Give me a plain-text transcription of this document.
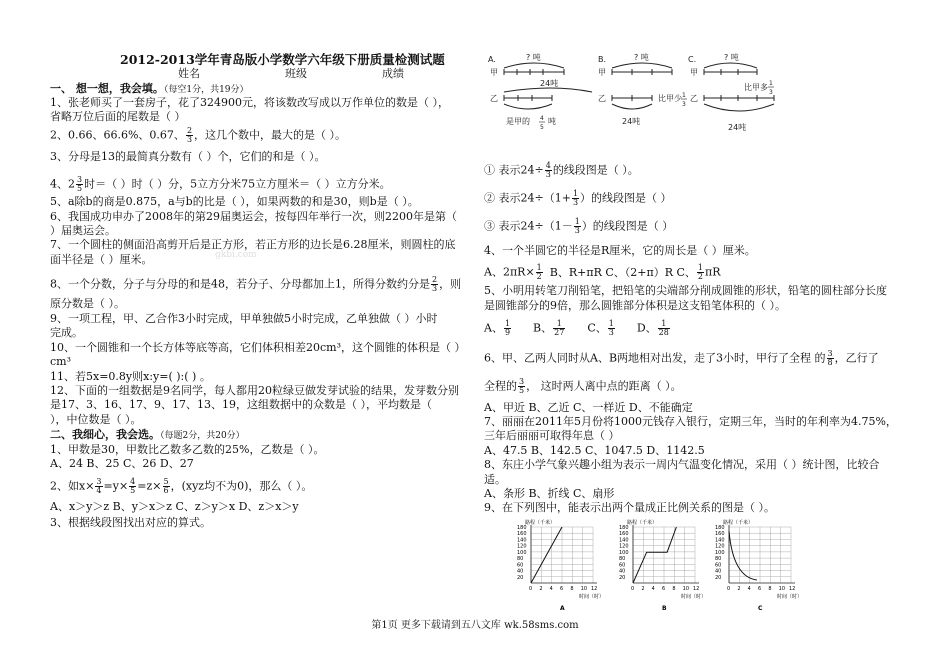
gkbi.com
2012-2013学年青岛版小学数学六年级下册质量检测试题
姓名	班级	成绩
一、 想一想，我会填。（每空1分，共19分）
1、张老师买了一套房子，花了324900元，将该数改写成以万作单位的数是（ ），
省略万位后面的尾数是（ ）
2、0.66、66.6%、0.67、 $\frac{2}{3}$ ，这几个数中，最大的是（ ）。
3、分母是13的最简真分数有（ ）个，它们的和是（ ）。
4、$2 \frac{3}{5}$ 时＝（ ）时（ ）分，5立方分米75立方厘米＝（ ）立方分米。
5、a除b的商是0.875，a与b的比是（ ），如果两数的和是30，则b是（ ）。
6、我国成功申办了2008年的第29届奥运会，按每四年举行一次，则2200年是第（
）届奥运会。
7、一个圆柱的侧面沿高剪开后是正方形，若正方形的边长是6.28厘米，则圆柱的底
面半径是（ ）厘米。
8、一个分数，分子与分母的和是48，若分子、分母都加上1，所得分数约分是 $\frac{2}{3}$ ，则
原分数是（ ）。
9、一项工程，甲、乙合作3小时完成，甲单独做5小时完成，乙单独做（ ）小时
完成。
10、一个圆锥和一个长方体等底等高，它们体积相差20cm³，这个圆锥的体积是（ ）
cm³
11、若5x=0.8y则x:y=( ):( ) 。
12、下面的一组数据是9名同学，每人都用20粒绿豆做发芽试验的结果，发芽数分别
是17、3、16、17、9、17、13、19，这组数据中的众数是（ ），平均数是（
），中位数是（ ）。
二、我细心，我会选。（每题2分，共20分）
1、甲数是30，甲数比乙数多乙数的25%，乙数是（ ）。
A、24 B、25 C、26 D、27
2、如$x\times \frac{3}{4} =y\times \frac{4}{5} =z\times \frac{5}{6}$ ，(xyz均不为0)，那么（ ）。
A、x＞y＞z B、y＞x＞z C、z＞y＞x D、z＞x＞y
3、根据线段图找出对应的算式。
A.	? 吨
甲
24吨
乙
是甲的 4
5
吨
B.	? 吨
甲
乙	比甲少 1
3
24吨
C.	? 吨
甲
乙
比甲多 1
3
24吨
① 表示$24\div \frac{4}{3}$ 的线段图是（ ）。
② 表示$24\div(1+ \frac{1}{3}$ ）的线段图是（ ）
③ 表示$24\div(1- \frac{1}{3}$ ）的线段图是（ ）
4、一个半圆它的半径是R厘米，它的周长是（ ）厘米。
A、$2\pi R\times \frac{1}{2}$ B、R+πR C、（2+π）R C、 $\frac{1}{2}$ πR
5、小明用转笔刀削铅笔，把铅笔的尖端部分削成圆锥的形状，铅笔的圆柱部分长度
是圆锥部分的9倍，那么圆锥部分体积是这支铅笔体积的（ ）。
A、 $\frac{1}{9}$ B、 $\frac{1}{27}$ C、 $\frac{1}{3}$ D、 $\frac{1}{28}$
6、甲、乙两人同时从A、B两地相对出发，走了3小时，甲行了全程 的 $\frac{3}{8}$ ，乙行了
全程的 $\frac{3}{5}$ ， 这时两人离中点的距离（ ）。
A、甲近 B、乙近 C、一样近 D、不能确定
7、丽丽在2011年5月份将1000元钱存入银行，定期三年，当时的年利率为4.75%，
三年后丽丽可取得年息（ ）
A、47.5 B、142.5 C、1047.5 D、1142.5
8、东庄小学气象兴趣小组为表示一周内气温变化情况，采用（ ）统计图，比较合
适。
A、条形 B、折线 C、扇形
9、在下列图中，能表示出两个量成正比例关系的图是（ ）。
路程（千米）
0 2 4 6 8 10 12
180
160
140
120
100
80
60
40
20
时间（时）
A
路程（千米）
0 2 4 6 8 10 12
180
160
140
120
100
80
60
40
20
时间（时）
B
路程（千米）
0 2 4 6 8 10 12
180
160
140
120
100
80
60
40
20
时间（时）
C
第1页 更多下载请到五八文库 wk.58sms.com
